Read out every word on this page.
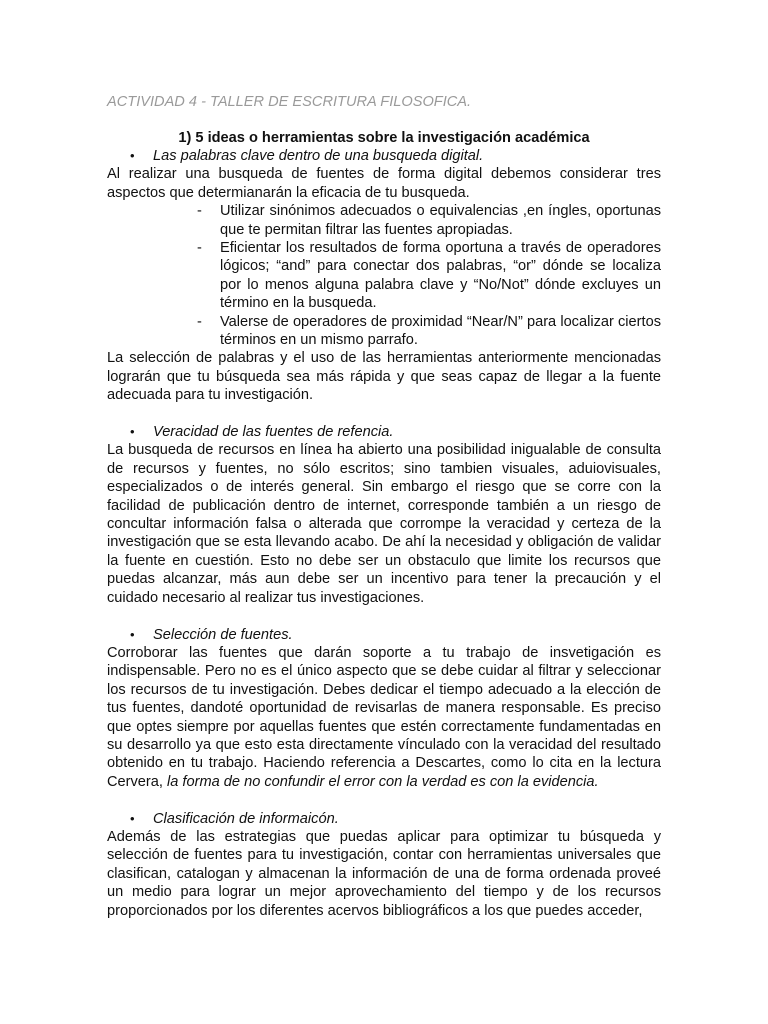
ACTIVIDAD 4 - TALLER DE ESCRITURA FILOSOFICA.
1) 5 ideas o herramientas sobre la investigación académica
• Las palabras clave dentro de una busqueda digital.

Al realizar una busqueda de fuentes de forma digital debemos considerar tres aspectos que determianarán la eficacia de tu busqueda.

- Utilizar sinónimos adecuados o equivalencias ,en íngles, oportunas que te permitan filtrar las fuentes apropiadas.

- Eficientar los resultados de forma oportuna a través de operadores lógicos; “and” para conectar dos palabras, “or” dónde se localiza por lo menos alguna palabra clave y “No/Not” dónde excluyes un término en la busqueda.

- Valerse de operadores de proximidad “Near/N” para localizar ciertos términos en un mismo parrafo.

La selección de palabras y el uso de las herramientas anteriormente mencionadas lograrán que tu búsqueda sea más rápida y que seas capaz de llegar a la fuente adecuada para tu investigación.

• Veracidad de las fuentes de refencia.

La busqueda de recursos en línea ha abierto una posibilidad inigualable de consulta de recursos y fuentes, no sólo escritos; sino tambien visuales, aduiovisuales, especializados o de interés general. Sin embargo el riesgo que se corre con la facilidad de publicación dentro de internet, corresponde también a un riesgo de concultar información falsa o alterada que corrompe la veracidad y certeza de la investigación que se esta llevando acabo. De ahí la necesidad y obligación de validar la fuente en cuestión. Esto no debe ser un obstaculo que limite los recursos que puedas alcanzar, más aun debe ser un incentivo para tener la precaución y el cuidado necesario al realizar tus investigaciones.

• Selección de fuentes.

Corroborar las fuentes que darán soporte a tu trabajo de insvetigación es indispensable. Pero no es el único aspecto que se debe cuidar al filtrar y seleccionar los recursos de tu investigación. Debes dedicar el tiempo adecuado a la elección de tus fuentes, dandoté oportunidad de revisarlas de manera responsable. Es preciso que optes siempre por aquellas fuentes que estén correctamente fundamentadas en su desarrollo ya que esto esta directamente vínculado con la veracidad del resultado obtenido en tu trabajo. Haciendo referencia a Descartes, como lo cita en la lectura Cervera, la forma de no confundir el error con la verdad es con la evidencia.

• Clasificación de informaicón.

Además de las estrategias que puedas aplicar para optimizar tu búsqueda y selección de fuentes para tu investigación, contar con herramientas universales que clasifican, catalogan y almacenan la información de una de forma ordenada proveé un medio para lograr un mejor aprovechamiento del tiempo y de los recursos proporcionados por los diferentes acervos bibliográficos a los que puedes acceder,
